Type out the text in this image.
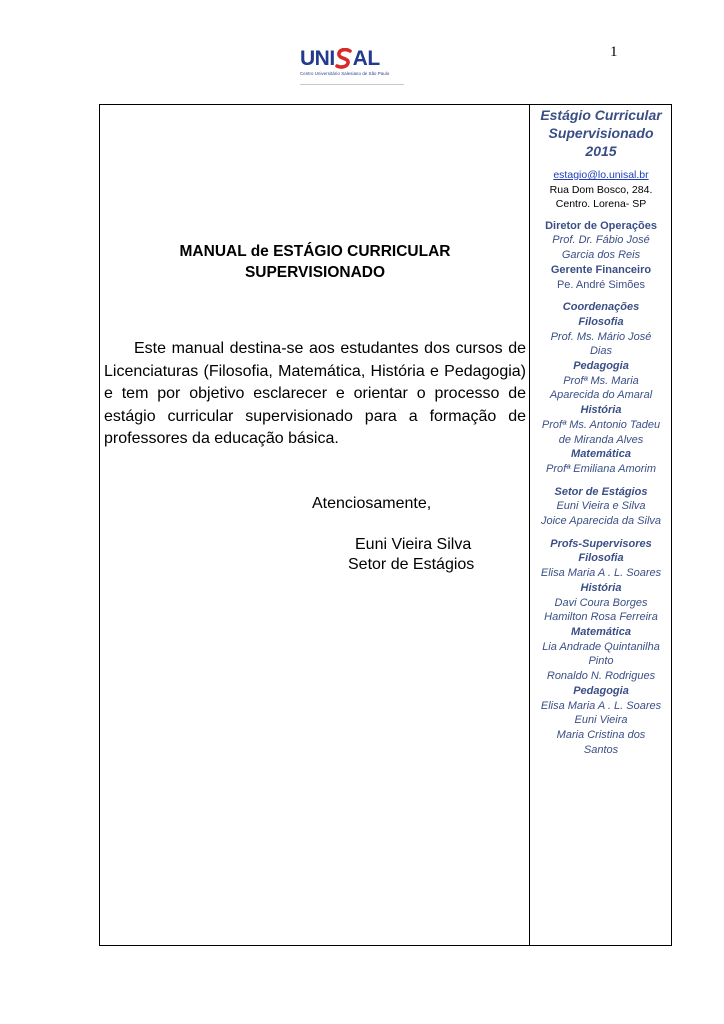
1
UNI AL
Centro Universitário Salesiano de São Paulo
MANUAL de ESTÁGIO CURRICULAR
SUPERVISIONADO
Este manual destina-se aos estudantes dos cursos de Licenciaturas (Filosofia, Matemática, História e Pedagogia) e tem por objetivo esclarecer e orientar o processo de estágio curricular supervisionado para a formação de professores da educação básica.
Atenciosamente,
Euni Vieira Silva
Setor de Estágios
Estágio Curricular
Supervisionado
2015
estagio@lo.unisal.br
Rua Dom Bosco, 284.
Centro. Lorena- SP
Diretor de Operações
Prof. Dr. Fábio José
Garcia dos Reis
Gerente Financeiro
Pe. André Simões
Coordenações
Filosofia
Prof. Ms. Mário José
Dias
Pedagogia
Profª Ms. Maria
Aparecida do Amaral
História
Profª Ms. Antonio Tadeu
de Miranda Alves
Matemática
Profª Emiliana Amorim
Setor de Estágios
Euni Vieira e Silva
Joice Aparecida da Silva
Profs-Supervisores
Filosofia
Elisa Maria A . L. Soares
História
Davi Coura Borges
Hamilton Rosa Ferreira
Matemática
Lia Andrade Quintanilha
Pinto
Ronaldo N. Rodrigues
Pedagogia
Elisa Maria A . L. Soares
Euni Vieira
Maria Cristina dos
Santos
